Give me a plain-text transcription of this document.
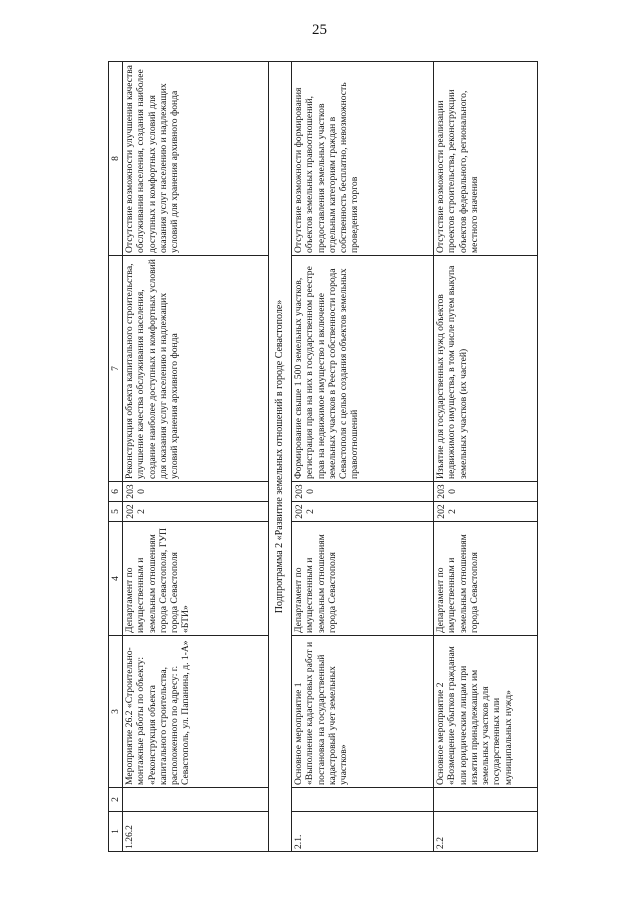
25
1	2	3	4	5	6	7	8
1.26.2		Мероприятие 26.2 «Строительно-монтажные работы по объекту: «Реконструкция объекта капитального строительства, расположенного по адресу: г. Севастополь, ул. Папанина, д. 1-А»	Департамент по имущественным и земельным отношениям города Севастополя, ГУП города Севастополя «БТИ»	2022	2030	Реконструкция объекта капитального строительства, улучшение качества обслуживания населения, создание наиболее доступных и комфортных условий для оказания услуг населению и надлежащих условий хранения архивного фонда	Отсутствие возможности улучшения качества обслуживания населения, создания наиболее доступных и комфортных условий для оказания услуг населению и надлежащих условий для хранения архивного фонда
Подпрограмма 2 «Развитие земельных отношений в городе Севастополе»							
2.1.		Основное мероприятие 1 «Выполнение кадастровых работ и постановка на государственный кадастровый учет земельных участков»	Департамент по имущественным и земельным отношениям города Севастополя	2022	2030	Формирование свыше 1 500 земельных участков, регистрация прав на них в государственном реестре прав на недвижимое имущество и включение земельных участков в Реестр собственности города Севастополя с целью создания объектов земельных правоотношений	Отсутствие возможности формирования объектов земельных правоотношений, предоставления земельных участков отдельным категориям граждан в собственность бесплатно, невозможность проведения торгов
2.2		Основное мероприятие 2 «Возмещение убытков гражданам или юридическим лицам при изъятии принадлежащих им земельных участков для государственных или муниципальных нужд»	Департамент по имущественным и земельным отношениям города Севастополя	2022	2030	Изъятие для государственных нужд объектов недвижимого имущества, в том числе путем выкупа земельных участков (их частей)	Отсутствие возможности реализации проектов строительства, реконструкции объектов федерального, регионального, местного значения
